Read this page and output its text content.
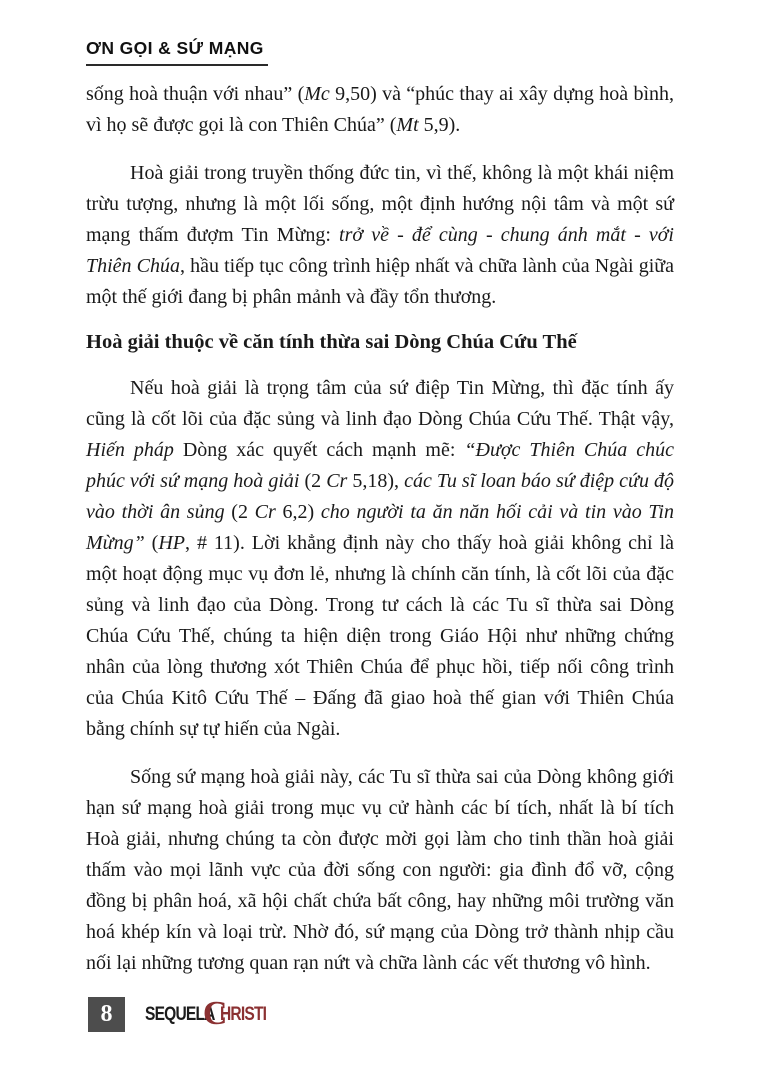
ƠN GỌI & SỨ MẠNG

sống hoà thuận với nhau” (Mc 9,50) và “phúc thay ai xây dựng hoà bình, vì họ sẽ được gọi là con Thiên Chúa” (Mt 5,9).

Hoà giải trong truyền thống đức tin, vì thế, không là một khái niệm trừu tượng, nhưng là một lối sống, một định hướng nội tâm và một sứ mạng thấm đượm Tin Mừng: trở về - để cùng - chung ánh mắt - với Thiên Chúa, hầu tiếp tục công trình hiệp nhất và chữa lành của Ngài giữa một thế giới đang bị phân mảnh và đầy tổn thương.

Hoà giải thuộc về căn tính thừa sai Dòng Chúa Cứu Thế

Nếu hoà giải là trọng tâm của sứ điệp Tin Mừng, thì đặc tính ấy cũng là cốt lõi của đặc sủng và linh đạo Dòng Chúa Cứu Thế. Thật vậy, Hiến pháp Dòng xác quyết cách mạnh mẽ: “Được Thiên Chúa chúc phúc với sứ mạng hoà giải (2 Cr 5,18), các Tu sĩ loan báo sứ điệp cứu độ vào thời ân sủng (2 Cr 6,2) cho người ta ăn năn hối cải và tin vào Tin Mừng” (HP, # 11). Lời khẳng định này cho thấy hoà giải không chỉ là một hoạt động mục vụ đơn lẻ, nhưng là chính căn tính, là cốt lõi của đặc sủng và linh đạo của Dòng. Trong tư cách là các Tu sĩ thừa sai Dòng Chúa Cứu Thế, chúng ta hiện diện trong Giáo Hội như những chứng nhân của lòng thương xót Thiên Chúa để phục hồi, tiếp nối công trình của Chúa Kitô Cứu Thế – Đấng đã giao hoà thế gian với Thiên Chúa bằng chính sự tự hiến của Ngài.

Sống sứ mạng hoà giải này, các Tu sĩ thừa sai của Dòng không giới hạn sứ mạng hoà giải trong mục vụ cử hành các bí tích, nhất là bí tích Hoà giải, nhưng chúng ta còn được mời gọi làm cho tinh thần hoà giải thấm vào mọi lãnh vực của đời sống con người: gia đình đổ vỡ, cộng đồng bị phân hoá, xã hội chất chứa bất công, hay những môi trường văn hoá khép kín và loại trừ. Nhờ đó, sứ mạng của Dòng trở thành nhịp cầu nối lại những tương quan rạn nứt và chữa lành các vết thương vô hình.

8	SEQUELA
C
HRISTI
